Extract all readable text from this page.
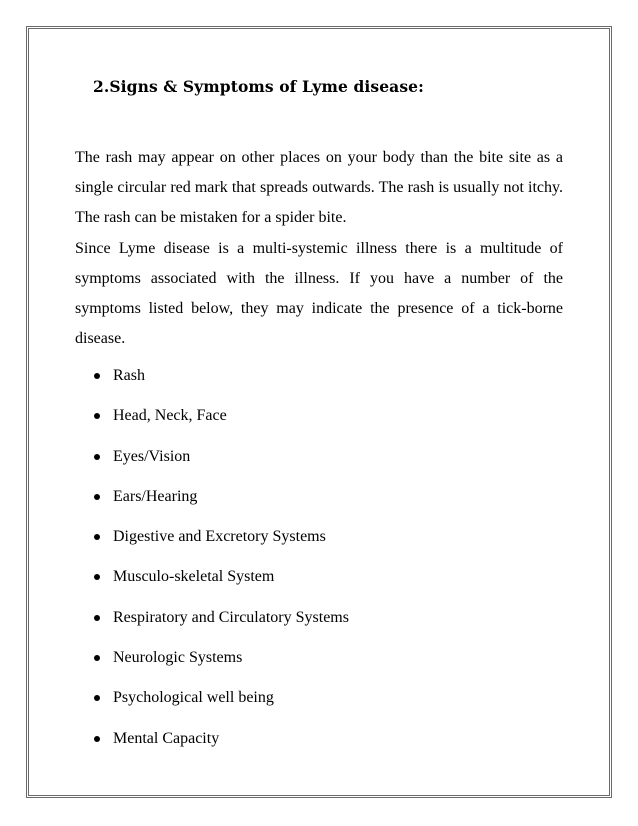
2.Signs & Symptoms of Lyme disease:

The rash may appear on other places on your body than the bite site as a single circular red mark that spreads outwards. The rash is usually not itchy. The rash can be mistaken for a spider bite.

Since Lyme disease is a multi-systemic illness there is a multitude of symptoms associated with the illness. If you have a number of the symptoms listed below, they may indicate the presence of a tick-borne disease.

Rash
Head, Neck, Face
Eyes/Vision
Ears/Hearing
Digestive and Excretory Systems
Musculo-skeletal System
Respiratory and Circulatory Systems
Neurologic Systems
Psychological well being
Mental Capacity
